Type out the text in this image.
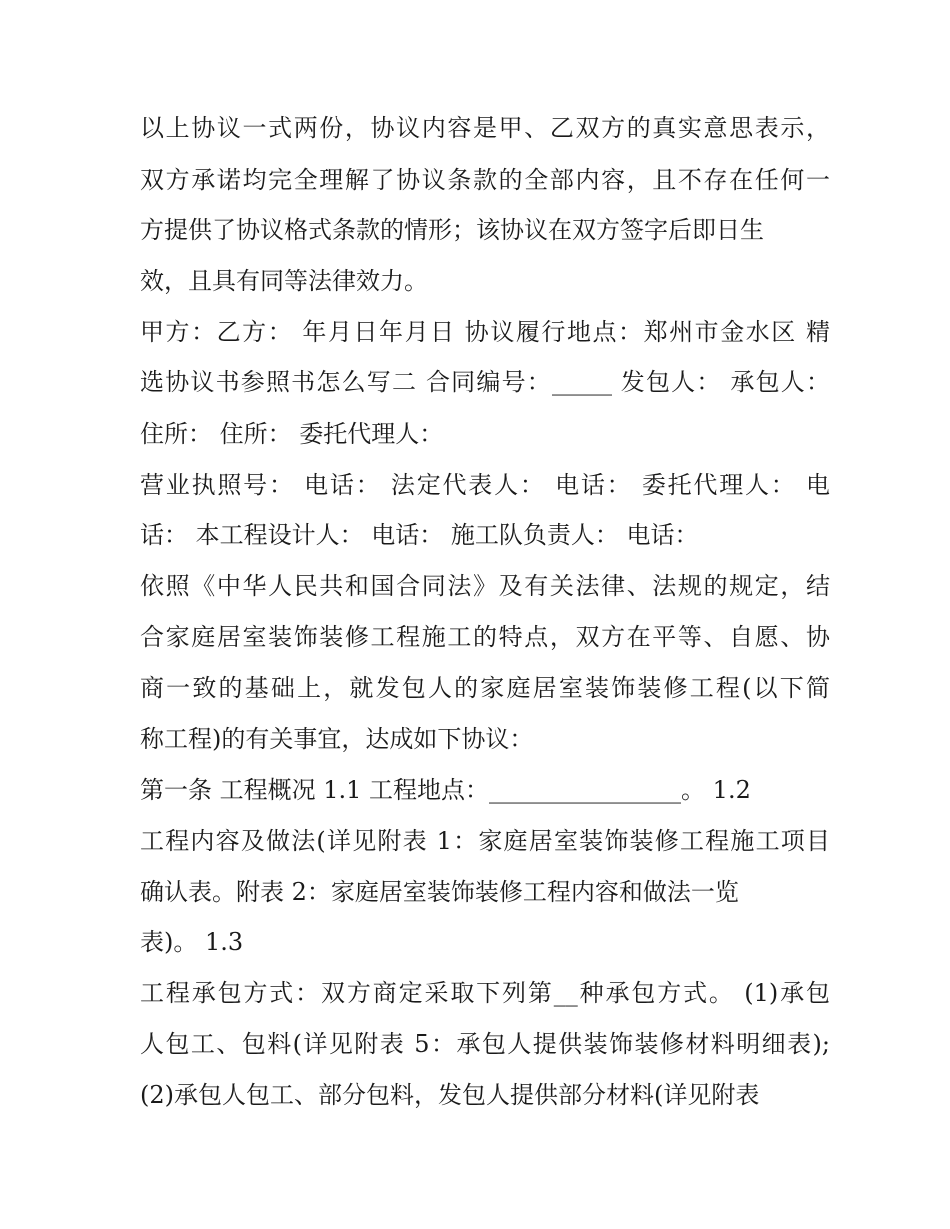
以上协议一式两份，协议内容是甲、乙双方的真实意思表示，
双方承诺均完全理解了协议条款的全部内容，且不存在任何一
方提供了协议格式条款的情形；该协议在双方签字后即日生
效，且具有同等法律效力。
甲方：乙方： 年月日年月日 协议履行地点：郑州市金水区 精
选协议书参照书怎么写二 合同编号：_____ 发包人： 承包人：
住所： 住所： 委托代理人：
营业执照号： 电话： 法定代表人： 电话： 委托代理人： 电
话： 本工程设计人： 电话： 施工队负责人： 电话：
依照《中华人民共和国合同法》及有关法律、法规的规定，结
合家庭居室装饰装修工程施工的特点，双方在平等、自愿、协
商一致的基础上，就发包人的家庭居室装饰装修工程(以下简
称工程)的有关事宜，达成如下协议：
第一条 工程概况 1.1 工程地点：________________。 1.2
工程内容及做法(详见附表 1：家庭居室装饰装修工程施工项目
确认表。附表 2：家庭居室装饰装修工程内容和做法一览
表)。 1.3
工程承包方式：双方商定采取下列第__种承包方式。 (1)承包
人包工、包料(详见附表 5：承包人提供装饰装修材料明细表);
(2)承包人包工、部分包料，发包人提供部分材料(详见附表
